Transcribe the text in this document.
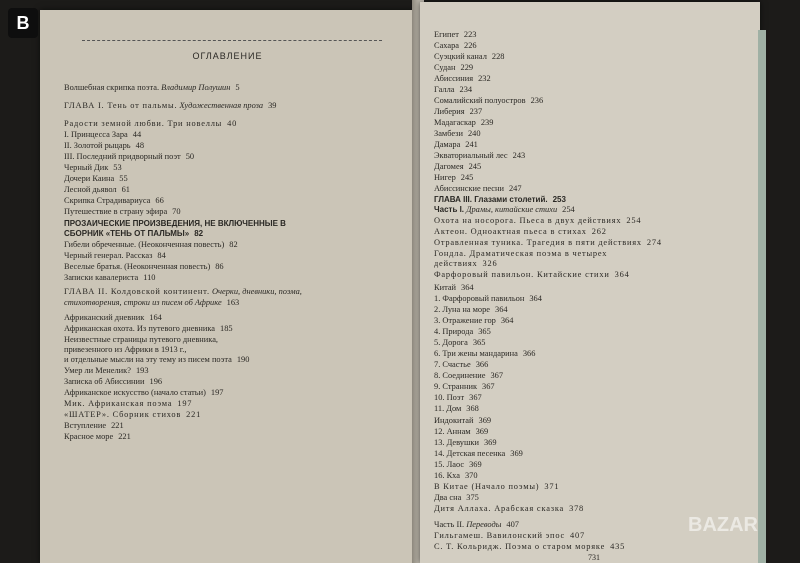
B
ОГЛАВЛЕНИЕ
Волшебная скрипка поэта. Владимир Полушин 5
ГЛАВА I. Тень от пальмы. Художественная проза 39
Радости земной любви. Три новеллы 40
I. Принцесса Зара 44
II. Золотой рыцарь 48
III. Последний придворный поэт 50
Черный Дик 53
Дочери Каина 55
Лесной дьявол 61
Скрипка Страдивариуса 66
Путешествие в страну эфира 70
ПРОЗАИЧЕСКИЕ ПРОИЗВЕДЕНИЯ, НЕ ВКЛЮЧЕННЫЕ В
СБОРНИК «ТЕНЬ ОТ ПАЛЬМЫ» 82
Гибели обреченные. (Неоконченная повесть) 82
Черный генерал. Рассказ 84
Веселые братья. (Неоконченная повесть) 86
Записки кавалериста 110
ГЛАВА II. Колдовской континент. Очерки, дневники, поэма,
стихотворения, строки из писем об Африке 163
Африканский дневник 164
Африканская охота. Из путевого дневника 185
Неизвестные страницы путевого дневника,
привезенного из Африки в 1913 г.,
и отдельные мысли на эту тему из писем поэта 190
Умер ли Менелик? 193
Записка об Абиссинии 196
Африканское искусство (начало статьи) 197
Мик. Африканская поэма 197
«ШАТЕР». Сборник стихов 221
Вступление 221
Красное море 221
Египет 223
Сахара 226
Суэцкий канал 228
Судан 229
Абиссиния 232
Галла 234
Сомалийский полуостров 236
Либерия 237
Мадагаскар 239
Замбези 240
Дамара 241
Экваториальный лес 243
Дагомея 245
Нигер 245
Абиссинские песни 247
ГЛАВА III. Глазами столетий. 253
Часть I. Драмы, китайские стихи 254
Охота на носорога. Пьеса в двух действиях 254
Актеон. Одноактная пьеса в стихах 262
Отравленная туника. Трагедия в пяти действиях 274
Гондла. Драматическая поэма в четырех
действиях 326
Фарфоровый павильон. Китайские стихи 364
Китай 364
1. Фарфоровый павильон 364
2. Луна на море 364
3. Отражение гор 364
4. Природа 365
5. Дорога 365
6. Три жены мандарина 366
7. Счастье 366
8. Соединение 367
9. Странник 367
10. Поэт 367
11. Дом 368
Индокитай 369
12. Аннам 369
13. Девушки 369
14. Детская песенка 369
15. Лаос 369
16. Кха 370
В Китае (Начало поэмы) 371
Два сна 375
Дитя Аллаха. Арабская сказка 378
Часть II. Переводы 407
Гильгамеш. Вавилонский эпос 407
С. Т. Кольридж. Поэма о старом моряке 435
731
BAZAR
